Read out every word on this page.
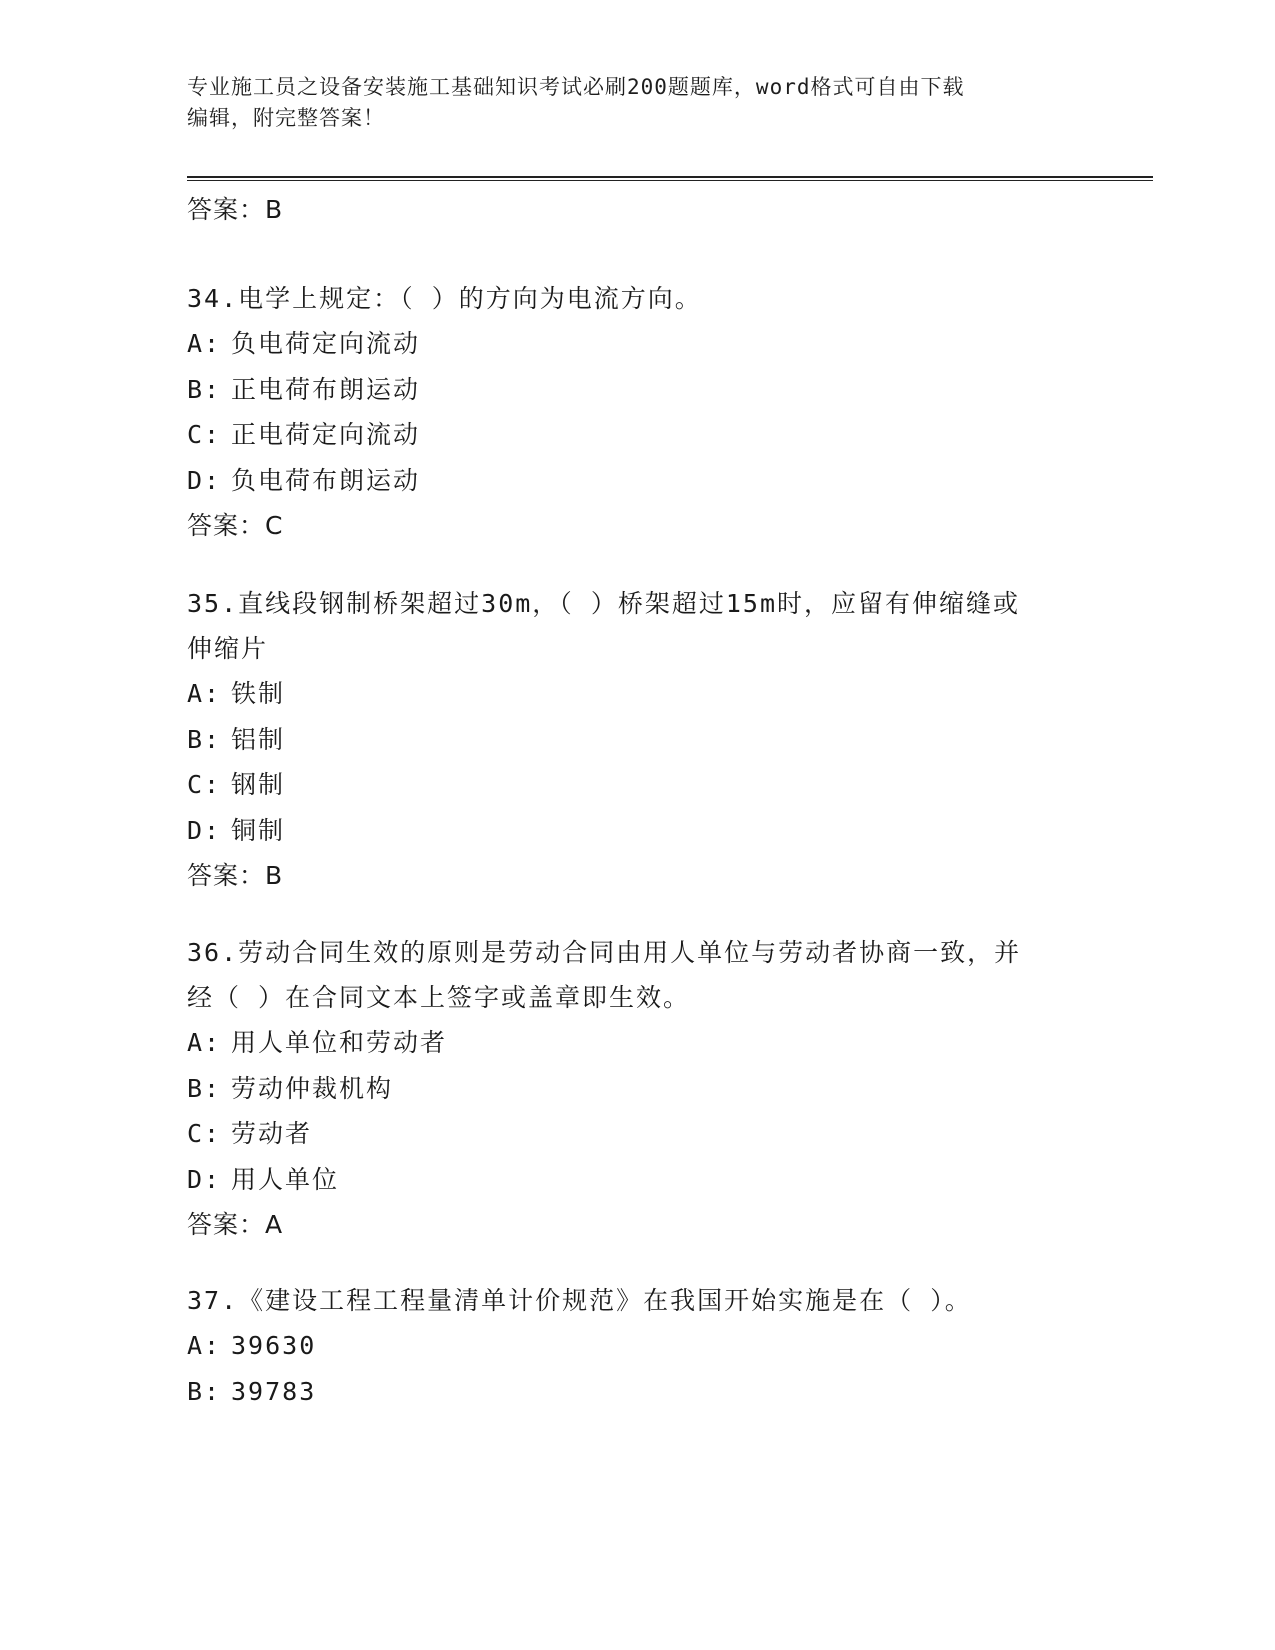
专业施工员之设备安装施工基础知识考试必刷200题题库，word格式可自由下载
编辑，附完整答案！
答案：B
34.电学上规定：（ ）的方向为电流方向。
A: 负电荷定向流动
B: 正电荷布朗运动
C: 正电荷定向流动
D: 负电荷布朗运动
答案：C
35.直线段钢制桥架超过30m，（ ）桥架超过15m时，应留有伸缩缝或
伸缩片
A: 铁制
B: 铝制
C: 钢制
D: 铜制
答案：B
36.劳动合同生效的原则是劳动合同由用人单位与劳动者协商一致，并
经（ ）在合同文本上签字或盖章即生效。
A: 用人单位和劳动者
B: 劳动仲裁机构
C: 劳动者
D: 用人单位
答案：A
37.《建设工程工程量清单计价规范》在我国开始实施是在（ ）。
A: 39630
B: 39783
